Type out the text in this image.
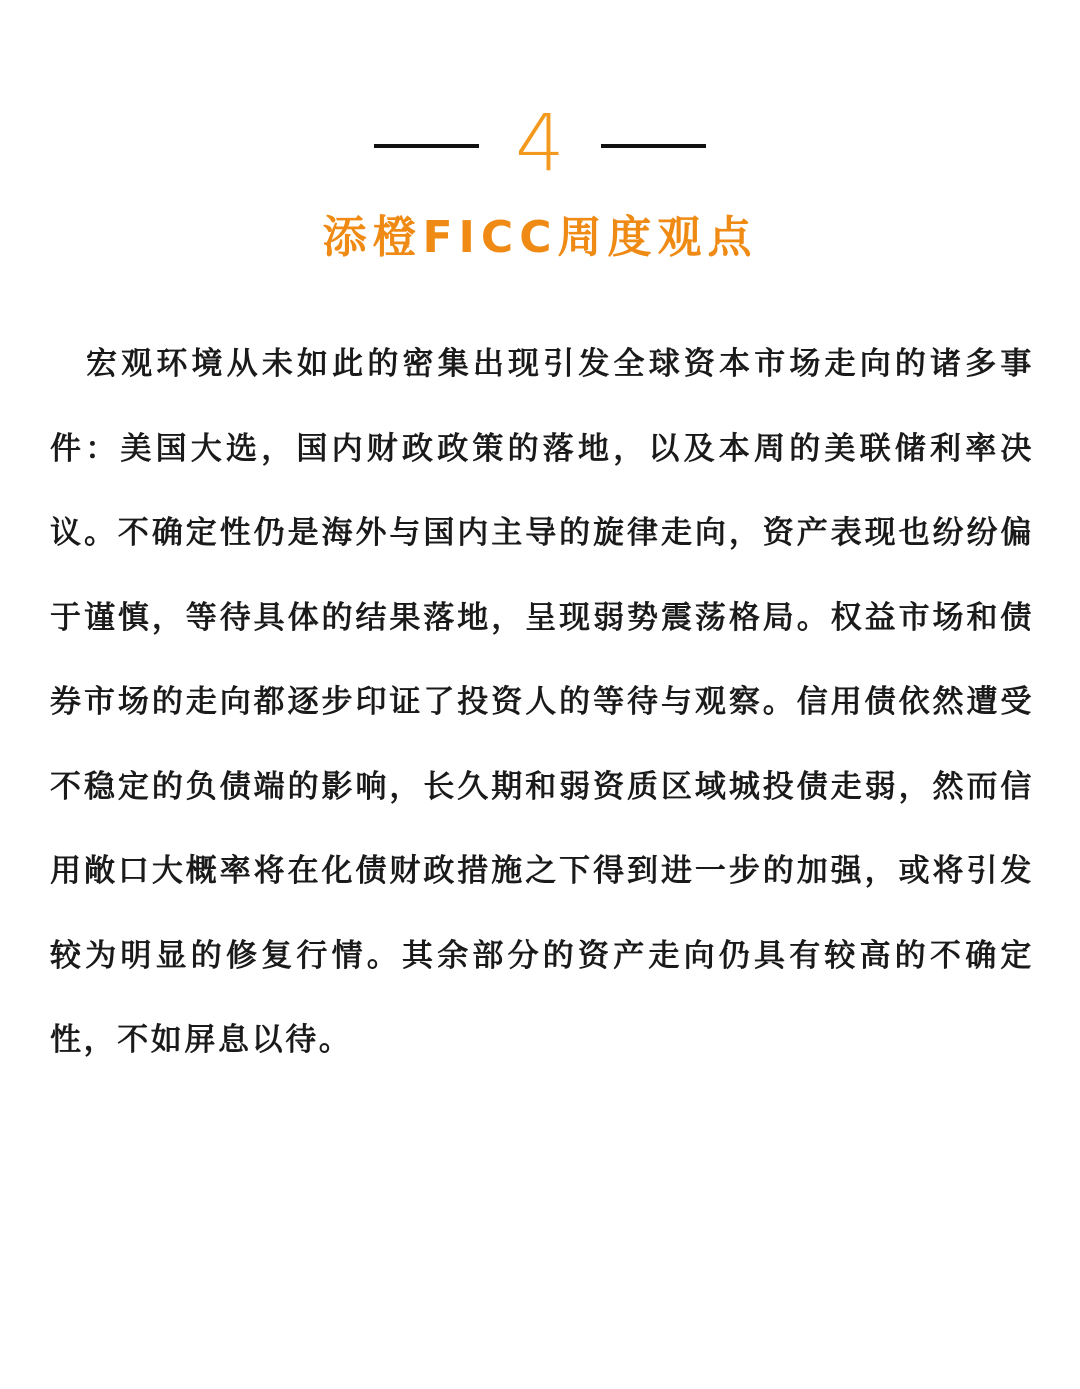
4
添橙FICC周度观点

宏观环境从未如此的密集出现引发全球资本市场走向的诸多事件：美国大选，国内财政政策的落地，以及本周的美联储利率决议。不确定性仍是海外与国内主导的旋律走向，资产表现也纷纷偏于谨慎，等待具体的结果落地，呈现弱势震荡格局。权益市场和债券市场的走向都逐步印证了投资人的等待与观察。信用债依然遭受不稳定的负债端的影响，长久期和弱资质区域城投债走弱，然而信用敞口大概率将在化债财政措施之下得到进一步的加强，或将引发较为明显的修复行情。其余部分的资产走向仍具有较高的不确定性，不如屏息以待。
